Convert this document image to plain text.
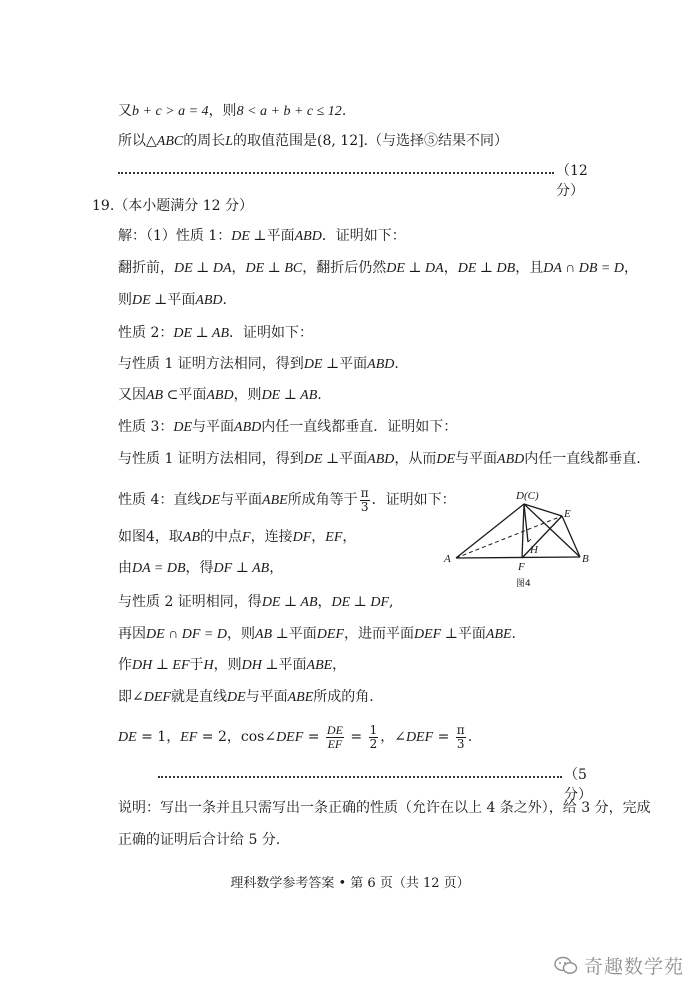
又b + c > a = 4，则8 < a + b + c ≤ 12.
所以△ABC的周长L的取值范围是(8, 12].（与选择⑤结果不同）
（12 分）
19.（本小题满分 12 分）
解：（1）性质 1：DE ⊥平面ABD．证明如下：
翻折前，DE ⊥ DA，DE ⊥ BC，翻折后仍然DE ⊥ DA，DE ⊥ DB，且DA ∩ DB = D，
则DE ⊥平面ABD.
性质 2：DE ⊥ AB．证明如下：
与性质 1 证明方法相同，得到DE ⊥平面ABD.
又因AB ⊂平面ABD，则DE ⊥ AB.
性质 3：DE与平面ABD内任一直线都垂直．证明如下：
与性质 1 证明方法相同，得到DE ⊥平面ABD，从而DE与平面ABD内任一直线都垂直.
性质 4：直线DE与平面ABE所成角等于 $\frac{\pi}{3}$ ．证明如下：
如图4，取AB的中点F，连接DF，EF，
由DA = DB，得DF ⊥ AB，
与性质 2 证明相同，得DE ⊥ AB，DE ⊥ DF,
再因DE ∩ DF = D，则AB ⊥平面DEF，进而平面DEF ⊥平面ABE.
作DH ⊥ EF于H，则DH ⊥平面ABE，
即∠DEF就是直线DE与平面ABE所成的角.
DE = 1，EF = 2，cos∠DEF = $\frac{DE}{EF} = \frac{1}{2}$ ，∠DEF = $\frac{\pi}{3}$ .
（5 分）
说明：写出一条并且只需写出一条正确的性质（允许在以上 4 条之外），给 3 分，完成
正确的证明后合计给 5 分.
D(C)
E
A	B
F
H
图4
理科数学参考答案 • 第 6 页（共 12 页）
奇趣数学苑
